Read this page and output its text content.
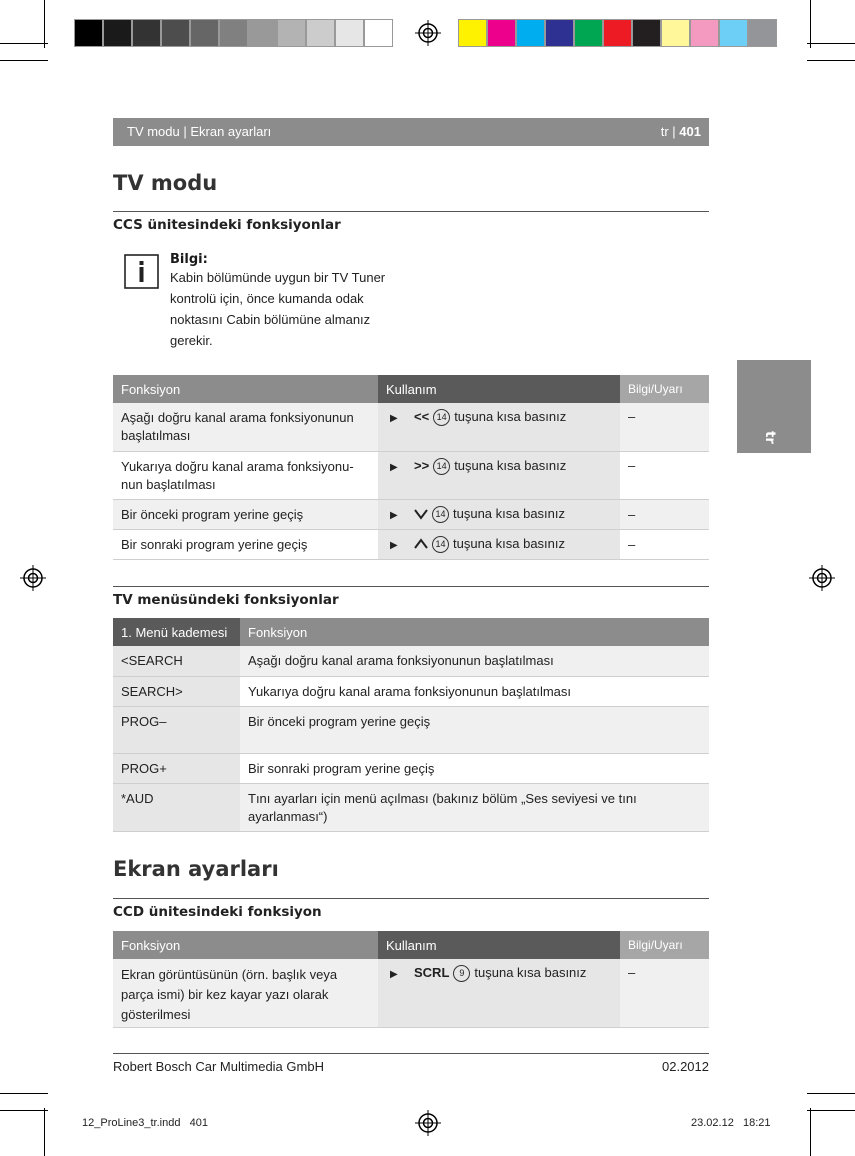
TV modu | Ekran ayarları	tr | 401
tr
TV modu
CCS ünitesindeki fonksiyonlar
Bilgi:
Kabin bölümünde uygun bir TV Tuner
kontrolü için, önce kumanda odak
noktasını Cabin bölümüne almanız
gerekir.
Fonksiyon	Kullanım	Bilgi/Uyarı

Aşağı doğru kanal arama fonksiyonunun
başlatılması	▶ << 14 tuşuna kısa basınız	–

Yukarıya doğru kanal arama fonksiyonu-
nun başlatılması	▶ >> 14 tuşuna kısa basınız	–
Bir önceki program yerine geçiş	▶ 14 tuşuna kısa basınız	–
Bir sonraki program yerine geçiş	▶ 14 tuşuna kısa basınız	–
TV menüsündeki fonksiyonlar
1. Menü kademesi	Fonksiyon
<SEARCH	Aşağı doğru kanal arama fonksiyonunun başlatılması
SEARCH>	Yukarıya doğru kanal arama fonksiyonunun başlatılması
PROG–	Bir önceki program yerine geçiş
PROG+	Bir sonraki program yerine geçiş
*AUD	Tını ayarları için menü açılması (bakınız bölüm „Ses seviyesi ve tını
ayarlanması“)
Ekran ayarları
CCD ünitesindeki fonksiyon
Fonksiyon	Kullanım	Bilgi/Uyarı

Ekran görüntüsünün (örn. başlık veya
parça ismi) bir kez kayar yazı olarak
gösterilmesi	▶ SCRL 9 tuşuna kısa basınız	–
Robert Bosch Car Multimedia GmbH	02.2012
12_ProLine3_tr.indd   401	23.02.12   18:21
